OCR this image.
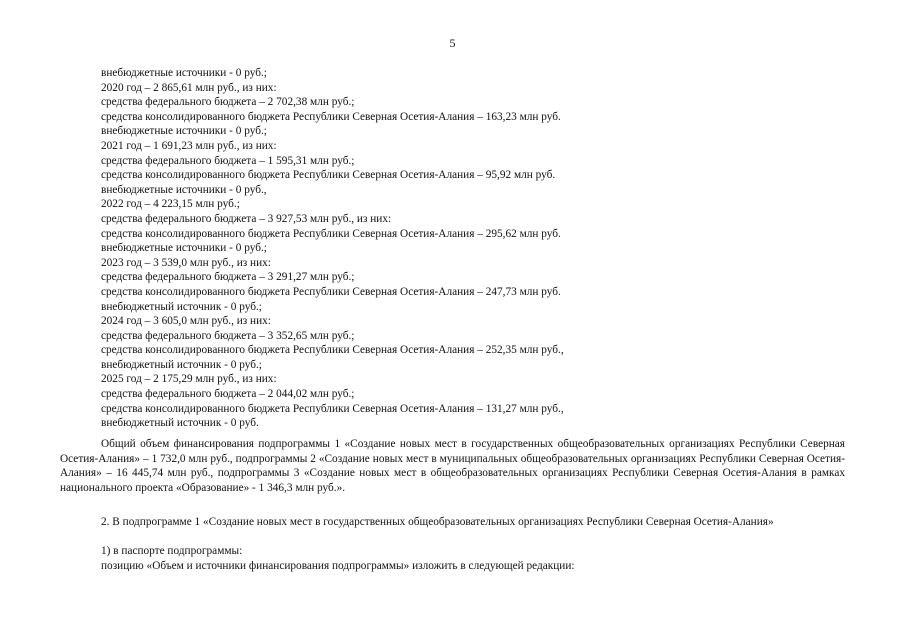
5
внебюджетные источники - 0 руб.;
2020 год – 2 865,61 млн руб., из них:
средства федерального бюджета – 2 702,38 млн руб.;
средства консолидированного бюджета Республики Северная Осетия-Алания – 163,23 млн руб.
внебюджетные источники - 0 руб.;
2021 год – 1 691,23 млн руб., из них:
средства федерального бюджета – 1 595,31 млн руб.;
средства консолидированного бюджета Республики Северная Осетия-Алания – 95,92 млн руб.
внебюджетные источники - 0 руб.,
2022 год – 4 223,15 млн руб.;
средства федерального бюджета – 3 927,53 млн руб., из них:
средства консолидированного бюджета Республики Северная Осетия-Алания – 295,62 млн руб.
внебюджетные источники - 0 руб.;
2023 год – 3 539,0 млн руб., из них:
средства федерального бюджета – 3 291,27 млн руб.;
средства консолидированного бюджета Республики Северная Осетия-Алания – 247,73 млн руб.
внебюджетный источник - 0 руб.;
2024 год – 3 605,0 млн руб., из них:
средства федерального бюджета – 3 352,65 млн руб.;
средства консолидированного бюджета Республики Северная Осетия-Алания – 252,35 млн руб.,
внебюджетный источник - 0 руб.;
2025 год – 2 175,29 млн руб., из них:
средства федерального бюджета – 2 044,02 млн руб.;
средства консолидированного бюджета Республики Северная Осетия-Алания – 131,27 млн руб.,
внебюджетный источник - 0 руб.
Общий объем финансирования подпрограммы 1 «Создание новых мест в государственных общеобразовательных организациях Республики Северная Осетия-Алания» – 1 732,0 млн руб., подпрограммы 2 «Создание новых мест в муниципальных общеобразовательных организациях Республики Северная Осетия-Алания» – 16 445,74 млн руб., подпрограммы 3 «Создание новых мест в общеобразовательных организациях Республики Северная Осетия-Алания в рамках национального проекта «Образование» - 1 346,3 млн руб.».
2. В подпрограмме 1 «Создание новых мест в государственных общеобразовательных организациях Республики Северная Осетия-Алания»
1) в паспорте подпрограммы:
позицию «Объем и источники финансирования подпрограммы» изложить в следующей редакции:
